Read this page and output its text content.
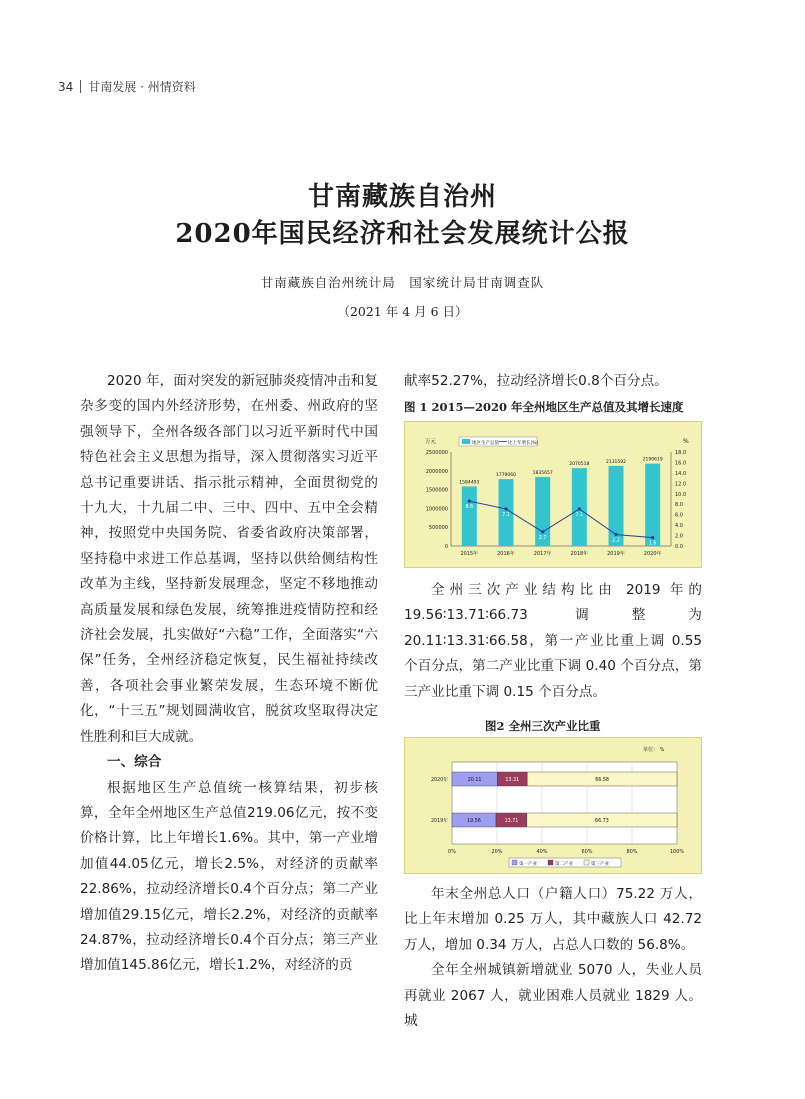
34 甘南发展 · 州情资料
甘南藏族自治州
2020年国民经济和社会发展统计公报
甘南藏族自治州统计局　国家统计局甘南调查队
（2021 年 4 月 6 日）

2020 年，面对突发的新冠肺炎疫情冲击和复杂多变的国内外经济形势，在州委、州政府的坚强领导下，全州各级各部门以习近平新时代中国特色社会主义思想为指导，深入贯彻落实习近平总书记重要讲话、指示批示精神，全面贯彻党的十九大，十九届二中、三中、四中、五中全会精神，按照党中央国务院、省委省政府决策部署，坚持稳中求进工作总基调，坚持以供给侧结构性改革为主线，坚持新发展理念，坚定不移地推动高质量发展和绿色发展，统筹推进疫情防控和经济社会发展，扎实做好“六稳”工作，全面落实“六保”任务，全州经济稳定恢复，民生福祉持续改善，各项社会事业繁荣发展，生态环境不断优化，“十三五”规划圆满收官，脱贫攻坚取得决定性胜利和巨大成就。

一、综合

根据地区生产总值统一核算结果，初步核算，全年全州地区生产总值219.06亿元，按不变价格计算，比上年增长1.6%。其中，第一产业增加值44.05亿元，增长2.5%，对经济的贡献率22.86%，拉动经济增长0.4个百分点；第二产业增加值29.15亿元，增长2.2%，对经济的贡献率24.87%，拉动经济增长0.4个百分点；第三产业增加值145.86亿元，增长1.2%，对经济的贡

献率52.27%，拉动经济增长0.8个百分点。

图 1 2015—2020 年全州地区生产总值及其增长速度
万元	%
地区生产总值 比上年增长(%)
0
500000
1000000
1500000
2000000
2500000
0.0
2.0
4.0
6.0
8.0
10.0
12.0
14.0
16.0
18.0
1584493
2015年
1779060
2016年
1835657
2017年
2070518
2018年
2131592
2019年
2190619
2020年
8.6
7.1
2.7
7.1
2.2
1.6

全州三次产业结构比由 2019 年的 19.56∶13.71∶66.73 调整为 20.11∶13.31∶66.58，第一产业比重上调 0.55 个百分点，第二产业比重下调 0.40 个百分点，第三产业比重下调 0.15 个百分点。

图2 全州三次产业比重
单位： %
0%	20%	40%	60%	80%	100%
2020年	20.11	13.31	66.58
2019年	19.56	13.71	66.73
第一产业	第二产业	第三产业

年末全州总人口（户籍人口）75.22 万人，比上年末增加 0.25 万人，其中藏族人口 42.72 万人，增加 0.34 万人，占总人口数的 56.8%。

全年全州城镇新增就业 5070 人，失业人员再就业 2067 人，就业困难人员就业 1829 人。城
